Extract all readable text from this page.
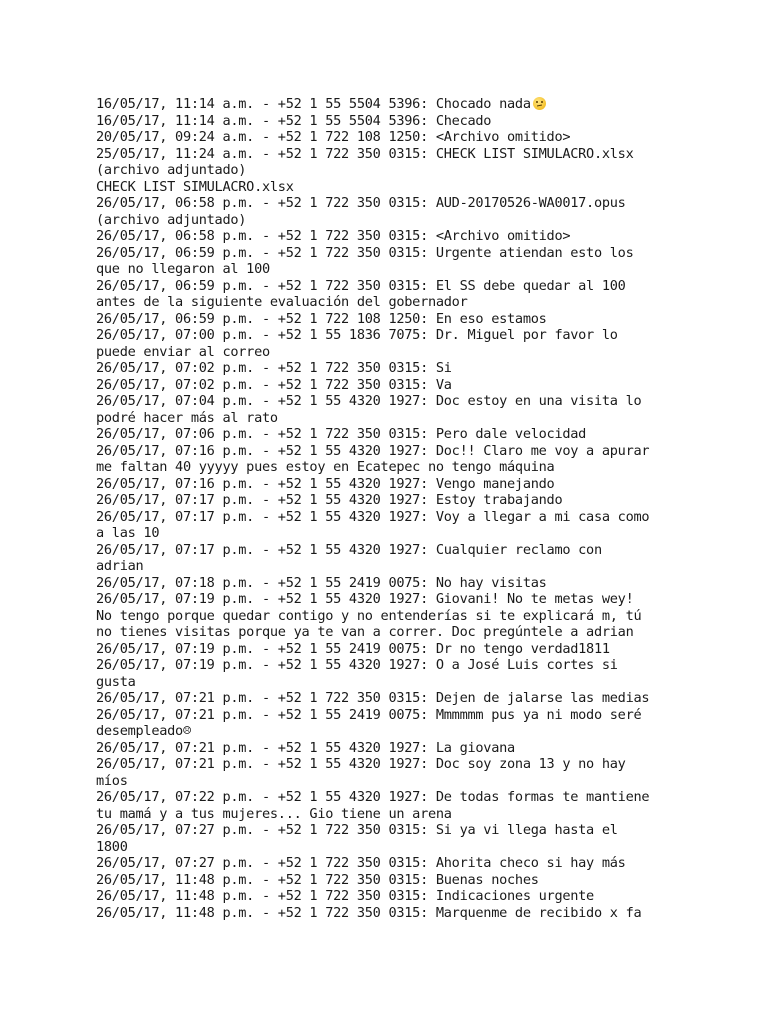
16/05/17, 11:14 a.m. - +52 1 55 5504 5396: Chocado nada
16/05/17, 11:14 a.m. - +52 1 55 5504 5396: Checado
20/05/17, 09:24 a.m. - +52 1 722 108 1250: <Archivo omitido>
25/05/17, 11:24 a.m. - +52 1 722 350 0315: CHECK LIST SIMULACRO.xlsx
(archivo adjuntado)
CHECK LIST SIMULACRO.xlsx
26/05/17, 06:58 p.m. - +52 1 722 350 0315: AUD-20170526-WA0017.opus
(archivo adjuntado)
26/05/17, 06:58 p.m. - +52 1 722 350 0315: <Archivo omitido>
26/05/17, 06:59 p.m. - +52 1 722 350 0315: Urgente atiendan esto los
que no llegaron al 100
26/05/17, 06:59 p.m. - +52 1 722 350 0315: El SS debe quedar al 100
antes de la siguiente evaluación del gobernador
26/05/17, 06:59 p.m. - +52 1 722 108 1250: En eso estamos
26/05/17, 07:00 p.m. - +52 1 55 1836 7075: Dr. Miguel por favor lo
puede enviar al correo
26/05/17, 07:02 p.m. - +52 1 722 350 0315: Si
26/05/17, 07:02 p.m. - +52 1 722 350 0315: Va
26/05/17, 07:04 p.m. - +52 1 55 4320 1927: Doc estoy en una visita lo
podré hacer más al rato
26/05/17, 07:06 p.m. - +52 1 722 350 0315: Pero dale velocidad
26/05/17, 07:16 p.m. - +52 1 55 4320 1927: Doc!! Claro me voy a apurar
me faltan 40 yyyyy pues estoy en Ecatepec no tengo máquina
26/05/17, 07:16 p.m. - +52 1 55 4320 1927: Vengo manejando
26/05/17, 07:17 p.m. - +52 1 55 4320 1927: Estoy trabajando
26/05/17, 07:17 p.m. - +52 1 55 4320 1927: Voy a llegar a mi casa como
a las 10
26/05/17, 07:17 p.m. - +52 1 55 4320 1927: Cualquier reclamo con
adrian
26/05/17, 07:18 p.m. - +52 1 55 2419 0075: No hay visitas
26/05/17, 07:19 p.m. - +52 1 55 4320 1927: Giovani! No te metas wey!
No tengo porque quedar contigo y no entenderías si te explicará m, tú
no tienes visitas porque ya te van a correr. Doc pregúntele a adrian
26/05/17, 07:19 p.m. - +52 1 55 2419 0075: Dr no tengo verdad1811
26/05/17, 07:19 p.m. - +52 1 55 4320 1927: O a José Luis cortes si
gusta
26/05/17, 07:21 p.m. - +52 1 722 350 0315: Dejen de jalarse las medias
26/05/17, 07:21 p.m. - +52 1 55 2419 0075: Mmmmmm pus ya ni modo seré
desempleado☹
26/05/17, 07:21 p.m. - +52 1 55 4320 1927: La giovana
26/05/17, 07:21 p.m. - +52 1 55 4320 1927: Doc soy zona 13 y no hay
míos
26/05/17, 07:22 p.m. - +52 1 55 4320 1927: De todas formas te mantiene
tu mamá y a tus mujeres... Gio tiene un arena
26/05/17, 07:27 p.m. - +52 1 722 350 0315: Si ya vi llega hasta el
1800
26/05/17, 07:27 p.m. - +52 1 722 350 0315: Ahorita checo si hay más
26/05/17, 11:48 p.m. - +52 1 722 350 0315: Buenas noches
26/05/17, 11:48 p.m. - +52 1 722 350 0315: Indicaciones urgente
26/05/17, 11:48 p.m. - +52 1 722 350 0315: Marquenme de recibido x fa
